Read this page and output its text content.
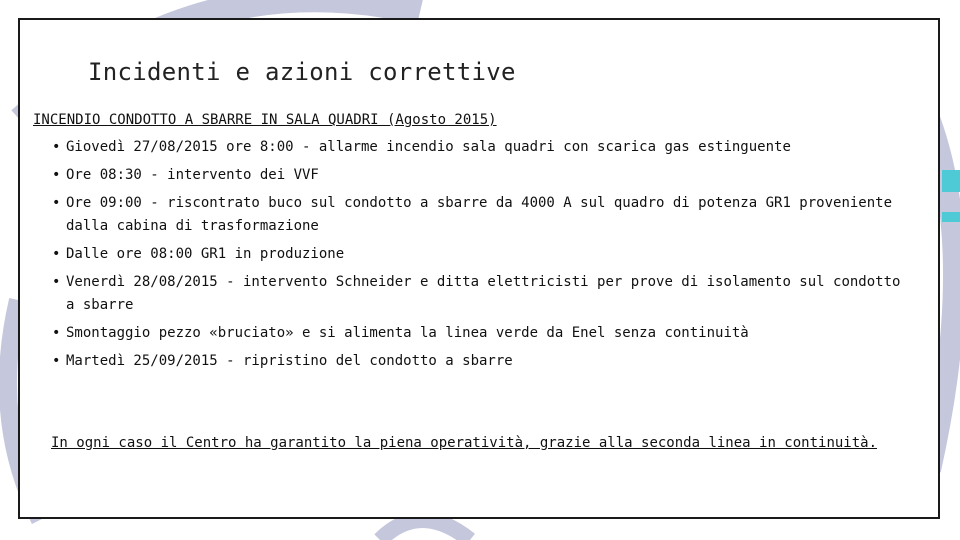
Incidenti e azioni correttive
INCENDIO CONDOTTO A SBARRE IN SALA QUADRI (Agosto 2015)
• Giovedì 27/08/2015 ore 8:00 - allarme incendio sala quadri con scarica gas estinguente
• Ore 08:30 - intervento dei VVF
• Ore 09:00 - riscontrato buco sul condotto a sbarre da 4000 A sul quadro di potenza GR1 proveniente dalla cabina di trasformazione
• Dalle ore 08:00 GR1 in produzione
• Venerdì 28/08/2015 - intervento Schneider e ditta elettricisti per prove di isolamento sul condotto a sbarre
• Smontaggio pezzo «bruciato» e si alimenta la linea verde da Enel senza continuità
• Martedì 25/09/2015 - ripristino del condotto a sbarre
In ogni caso il Centro ha garantito la piena operatività, grazie alla seconda linea in continuità.
